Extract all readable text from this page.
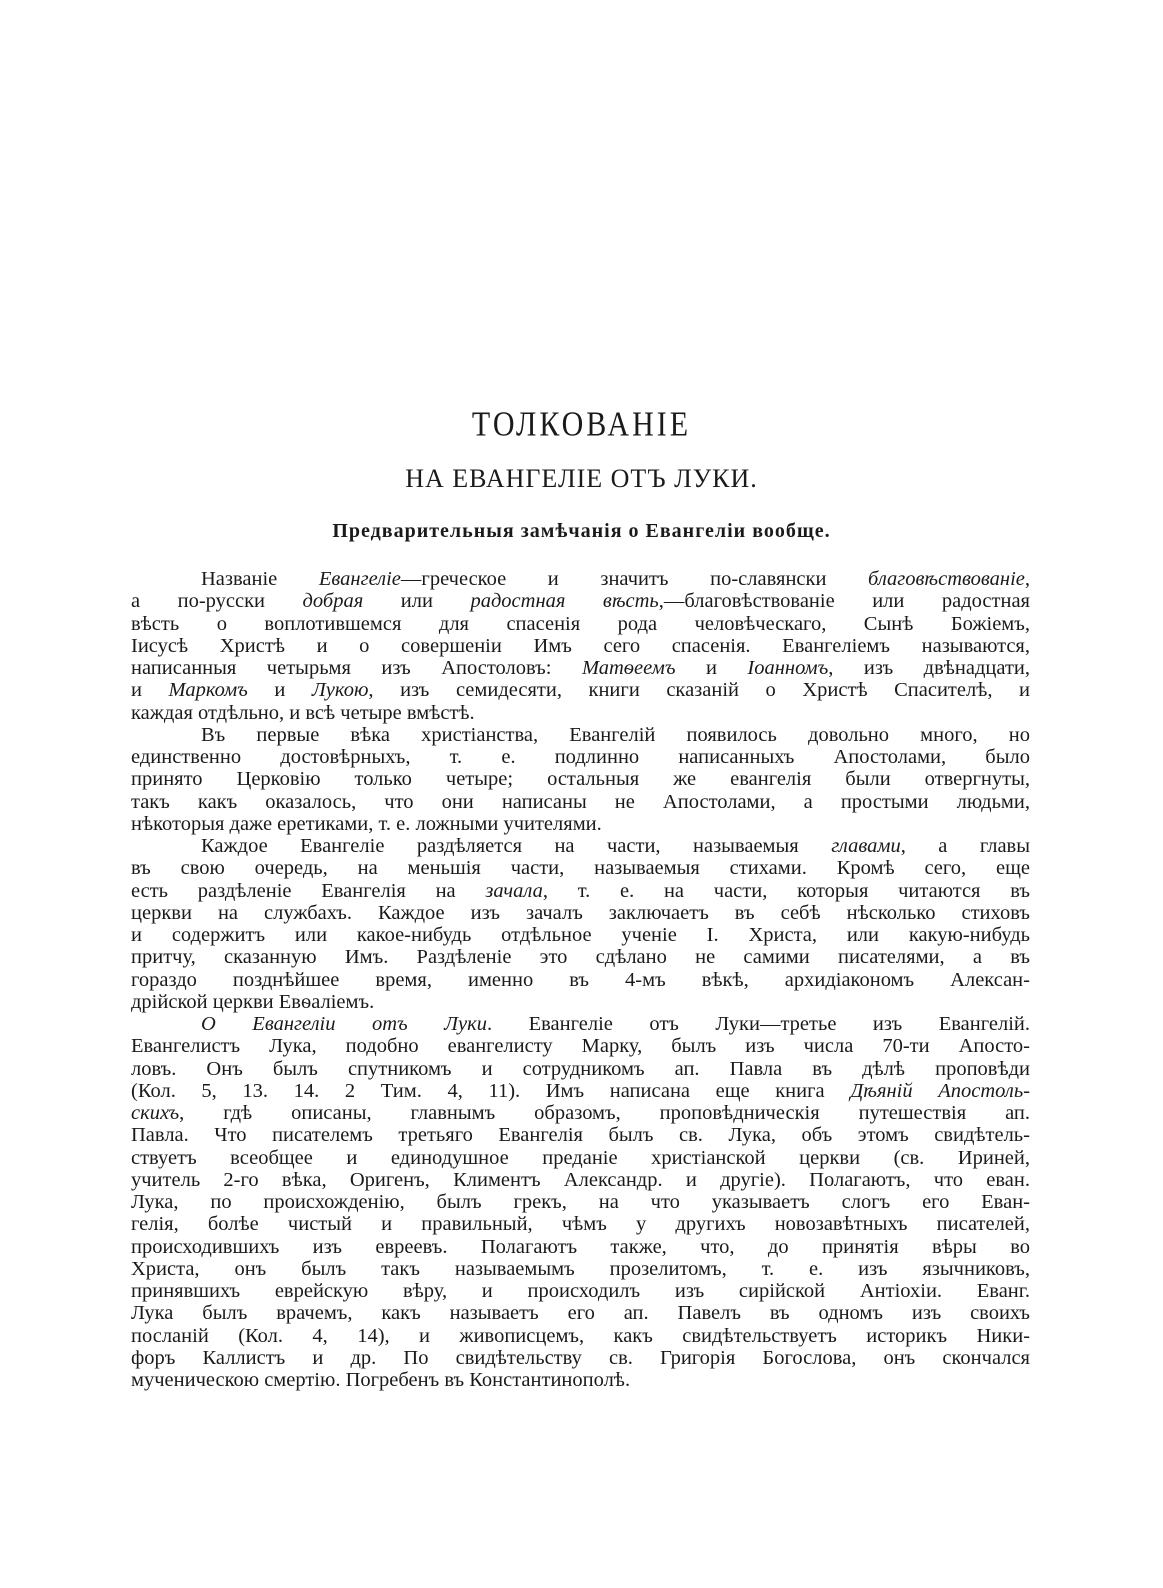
ТОЛКОВАНІЕ
НА ЕВАНГЕЛІЕ ОТЪ ЛУКИ.
Предварительныя замѣчанія о Евангеліи вообще.
Названіе Евангеліе—греческое и значитъ по-славянски благовѣствованіе,
а по-русски добрая или радостная вѣсть,—благовѣствованіе или радостная
вѣсть о воплотившемся для спасенія рода человѣческаго, Сынѣ Божіемъ,
Іисусѣ Христѣ и о совершеніи Имъ сего спасенія. Евангеліемъ называются,
написанныя четырьмя изъ Апостоловъ: Матѳеемъ и Іоанномъ, изъ двѣнадцати,
и Маркомъ и Лукою, изъ семидесяти, книги сказаній о Христѣ Спасителѣ, и
каждая отдѣльно, и всѣ четыре вмѣстѣ.
Въ первые вѣка христіанства, Евангелій появилось довольно много, но
единственно достовѣрныхъ, т. е. подлинно написанныхъ Апостолами, было
принято Церковію только четыре; остальныя же евангелія были отвергнуты,
такъ какъ оказалось, что они написаны не Апостолами, а простыми людьми,
нѣкоторыя даже еретиками, т. е. ложными учителями.
Каждое Евангеліе раздѣляется на части, называемыя главами, а главы
въ свою очередь, на меньшія части, называемыя стихами. Кромѣ сего, еще
есть раздѣленіе Евангелія на зачала, т. е. на части, которыя читаются въ
церкви на службахъ. Каждое изъ зачалъ заключаетъ въ себѣ нѣсколько стиховъ
и содержитъ или какое-нибудь отдѣльное ученіе І. Христа, или какую-нибудь
притчу, сказанную Имъ. Раздѣленіе это сдѣлано не самими писателями, а въ
гораздо позднѣйшее время, именно въ 4-мъ вѣкѣ, архидіакономъ Алексан-
дрійской церкви Евѳаліемъ.
О Евангеліи отъ Луки. Евангеліе отъ Луки—третье изъ Евангелій.
Евангелистъ Лука, подобно евангелисту Марку, былъ изъ числа 70-ти Апосто-
ловъ. Онъ былъ спутникомъ и сотрудникомъ ап. Павла въ дѣлѣ проповѣди
(Кол. 5, 13. 14. 2 Тим. 4, 11). Имъ написана еще книга Дѣяній Апостоль-
скихъ, гдѣ описаны, главнымъ образомъ, проповѣдническія путешествія ап.
Павла. Что писателемъ третьяго Евангелія былъ св. Лука, объ этомъ свидѣтель-
ствуетъ всеобщее и единодушное преданіе христіанской церкви (св. Ириней,
учитель 2-го вѣка, Оригенъ, Климентъ Александр. и другіе). Полагаютъ, что еван.
Лука, по происхожденію, былъ грекъ, на что указываетъ слогъ его Еван-
гелія, болѣе чистый и правильный, чѣмъ у другихъ новозавѣтныхъ писателей,
происходившихъ изъ евреевъ. Полагаютъ также, что, до принятія вѣры во
Христа, онъ былъ такъ называемымъ прозелитомъ, т. е. изъ язычниковъ,
принявшихъ еврейскую вѣру, и происходилъ изъ сирійской Антіохіи. Еванг.
Лука былъ врачемъ, какъ называетъ его ап. Павелъ въ одномъ изъ своихъ
посланій (Кол. 4, 14), и живописцемъ, какъ свидѣтельствуетъ историкъ Ники-
форъ Каллистъ и др. По свидѣтельству св. Григорія Богослова, онъ скончался
мученическою смертію. Погребенъ въ Константинополѣ.
